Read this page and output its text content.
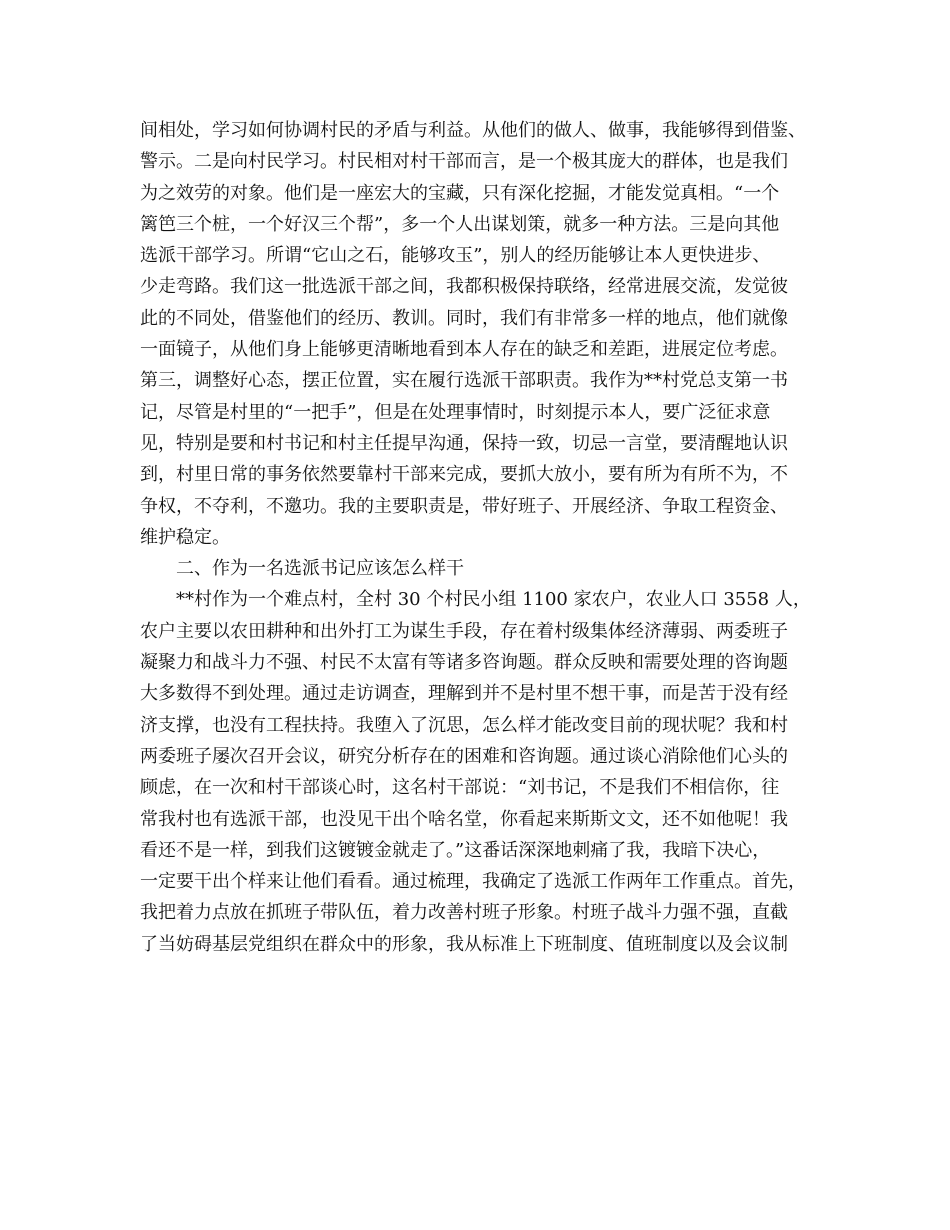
间相处，学习如何协调村民的矛盾与利益。从他们的做人、做事，我能够得到借鉴、
警示。二是向村民学习。村民相对村干部而言，是一个极其庞大的群体，也是我们
为之效劳的对象。他们是一座宏大的宝藏，只有深化挖掘，才能发觉真相。“一个
篱笆三个桩，一个好汉三个帮”，多一个人出谋划策，就多一种方法。三是向其他
选派干部学习。所谓“它山之石，能够攻玉”，别人的经历能够让本人更快进步、
少走弯路。我们这一批选派干部之间，我都积极保持联络，经常进展交流，发觉彼
此的不同处，借鉴他们的经历、教训。同时，我们有非常多一样的地点，他们就像
一面镜子，从他们身上能够更清晰地看到本人存在的缺乏和差距，进展定位考虑。
第三，调整好心态，摆正位置，实在履行选派干部职责。我作为**村党总支第一书
记，尽管是村里的“一把手”，但是在处理事情时，时刻提示本人，要广泛征求意
见，特别是要和村书记和村主任提早沟通，保持一致，切忌一言堂，要清醒地认识
到，村里日常的事务依然要靠村干部来完成，要抓大放小，要有所为有所不为，不
争权，不夺利，不邀功。我的主要职责是，带好班子、开展经济、争取工程资金、
维护稳定。
二、作为一名选派书记应该怎么样干
**村作为一个难点村，全村 30 个村民小组 1100 家农户，农业人口 3558 人，
农户主要以农田耕种和出外打工为谋生手段，存在着村级集体经济薄弱、两委班子
凝聚力和战斗力不强、村民不太富有等诸多咨询题。群众反映和需要处理的咨询题
大多数得不到处理。通过走访调查，理解到并不是村里不想干事，而是苦于没有经
济支撑，也没有工程扶持。我堕入了沉思，怎么样才能改变目前的现状呢？我和村
两委班子屡次召开会议，研究分析存在的困难和咨询题。通过谈心消除他们心头的
顾虑，在一次和村干部谈心时，这名村干部说：“刘书记，不是我们不相信你，往
常我村也有选派干部，也没见干出个啥名堂，你看起来斯斯文文，还不如他呢！我
看还不是一样，到我们这镀镀金就走了。”这番话深深地刺痛了我，我暗下决心，
一定要干出个样来让他们看看。通过梳理，我确定了选派工作两年工作重点。首先，
我把着力点放在抓班子带队伍，着力改善村班子形象。村班子战斗力强不强，直截
了当妨碍基层党组织在群众中的形象，我从标准上下班制度、值班制度以及会议制
